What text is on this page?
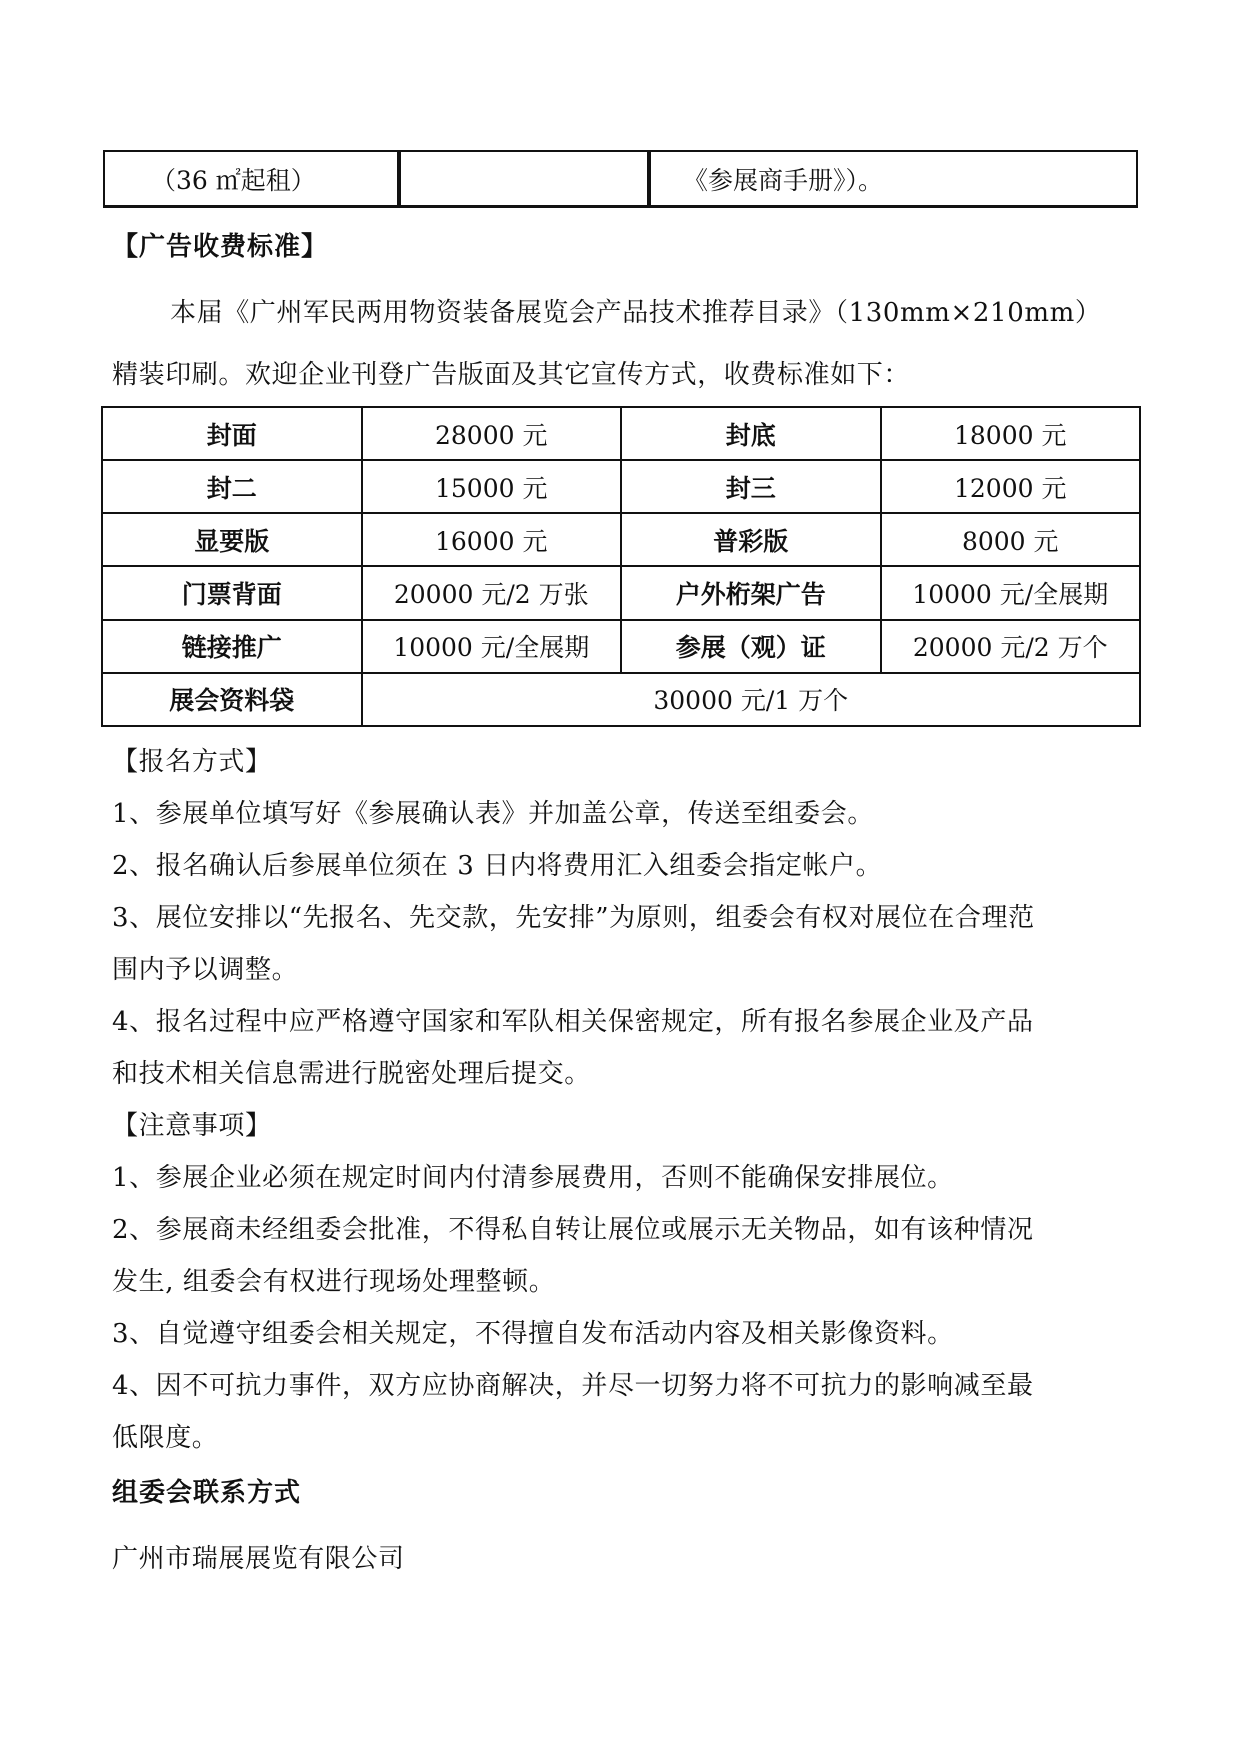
（36 ㎡起租）		《参展商手册》）。
【广告收费标准】
本届《广州军民两用物资装备展览会产品技术推荐目录》（130mm×210mm）
精装印刷。欢迎企业刊登广告版面及其它宣传方式，收费标准如下：
封面	28000 元	封底	18000 元
封二	15000 元	封三	12000 元
显要版	16000 元	普彩版	8000 元
门票背面	20000 元/2 万张	户外桁架广告	10000 元/全展期
链接推广	10000 元/全展期	参展（观）证	20000 元/2 万个
展会资料袋	30000 元/1 万个		
【报名方式】
1、参展单位填写好《参展确认表》并加盖公章，传送至组委会。
2、报名确认后参展单位须在 3 日内将费用汇入组委会指定帐户。
3、展位安排以“先报名、先交款，先安排”为原则，组委会有权对展位在合理范
围内予以调整。
4、报名过程中应严格遵守国家和军队相关保密规定，所有报名参展企业及产品
和技术相关信息需进行脱密处理后提交。
【注意事项】
1、参展企业必须在规定时间内付清参展费用，否则不能确保安排展位。
2、参展商未经组委会批准，不得私自转让展位或展示无关物品，如有该种情况
发生, 组委会有权进行现场处理整顿。
3、自觉遵守组委会相关规定，不得擅自发布活动内容及相关影像资料。
4、因不可抗力事件，双方应协商解决，并尽一切努力将不可抗力的影响减至最
低限度。
组委会联系方式
广州市瑞展展览有限公司
